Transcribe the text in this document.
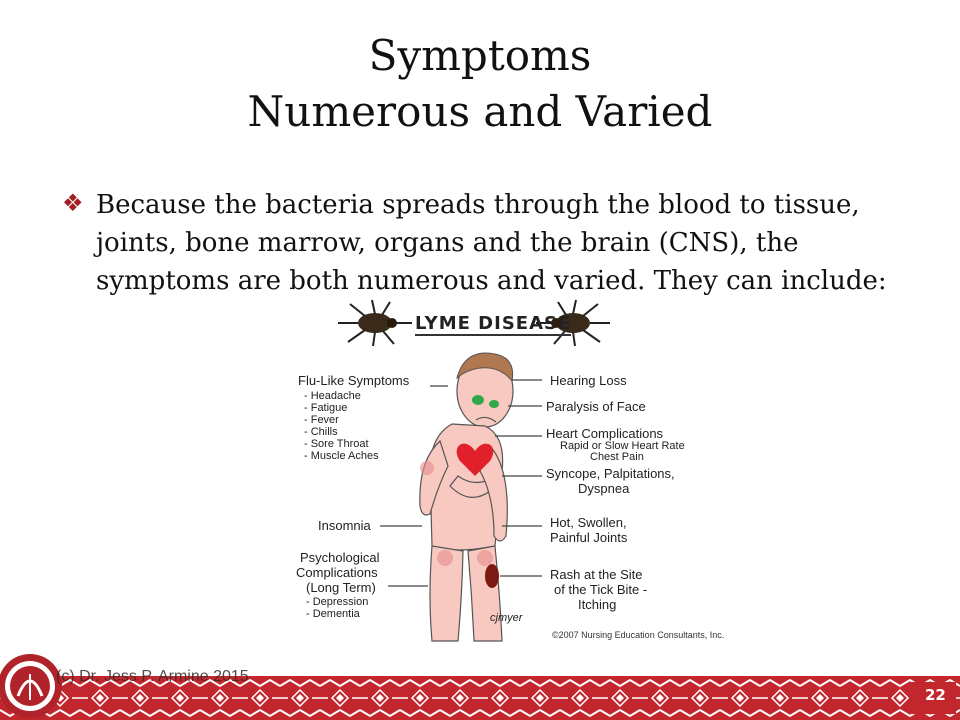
Symptoms
Numerous and Varied
❖ Because the bacteria spreads through the blood to tissue, joints, bone marrow, organs and the brain (CNS), the symptoms are both numerous and varied. They can include:
LYME DISEASE
Flu-Like Symptoms
- Headache
- Fatigue
- Fever
- Chills
- Sore Throat
- Muscle Aches
Insomnia
Psychological
Complications
(Long Term)
- Depression
- Dementia
Hearing Loss
Paralysis of Face
Heart Complications
Rapid or Slow Heart Rate
Chest Pain
Syncope, Palpitations,
Dyspnea
Hot, Swollen,
Painful Joints
Rash at the Site
of the Tick Bite -
Itching
cjmyer
©2007 Nursing Education Consultants, Inc.
(c) Dr. Jess P. Armine 2015
22
